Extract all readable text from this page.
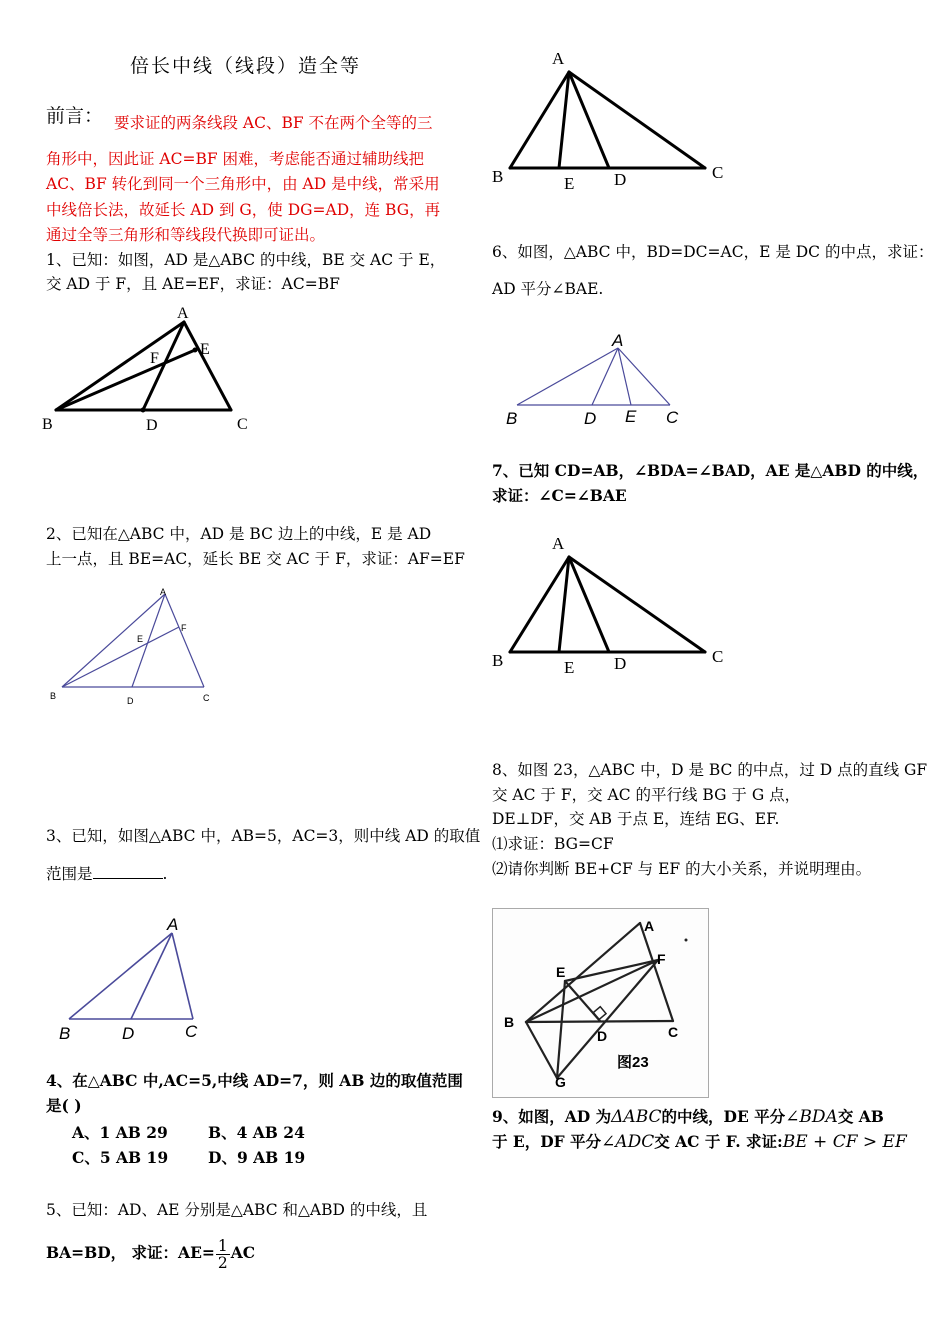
倍长中线（线段）造全等
前言： 要求证的两条线段 AC、BF 不在两个全等的三
角形中，因此证 AC=BF 困难，考虑能否通过辅助线把
AC、BF 转化到同一个三角形中，由 AD 是中线，常采用
中线倍长法，故延长 AD 到 G，使 DG=AD，连 BG，再
通过全等三角形和等线段代换即可证出。
1、已知：如图，AD 是△ABC 的中线，BE 交 AC 于 E，
交 AD 于 F，且 AE=EF，求证：AC=BF
A
B	C
D
E
F
2、已知在△ABC 中，AD 是 BC 边上的中线，E 是 AD
上一点，且 BE=AC，延长 BE 交 AC 于 F，求证：AF=EF
A
B	C
D
E
F
3、已知，如图△ABC 中，AB=5，AC=3，则中线 AD 的取值
范围是	.
A
B	C
D
4、在△ABC 中,AC=5,中线 AD=7，则 AB 边的取值范围
是( )
A、1 AB 29	B、4 AB 24
C、5 AB 19	D、9 AB 19
5、已知：AD、AE 分别是△ABC 和△ABD 的中线，且
BA=BD， 求证：$AE= \frac{1}{2}$ AC
A
B	C
D
E
6、如图，△ABC 中，BD=DC=AC，E 是 DC 的中点，求证：
AD 平分∠BAE.
A
B	C
D E
7、已知 CD=AB，∠BDA=∠BAD，AE 是△ABD 的中线，
求证：∠C=∠BAE
A
B	C
D
E
8、如图 23，△ABC 中，D 是 BC 的中点，过 D 点的直线 GF
交 AC 于 F，交 AC 的平行线 BG 于 G 点，
DE⊥DF，交 AB 于点 E，连结 EG、EF.
⑴求证：BG=CF
⑵请你判断 BE+CF 与 EF 的大小关系，并说明理由。
A
B
C
D
E
F
G
图23
9、如图，AD 为ΔABC的中线，DE 平分∠BDA交 AB
于 E，DF 平分∠ADC交 AC 于 F. 求证:BE + CF > EF
